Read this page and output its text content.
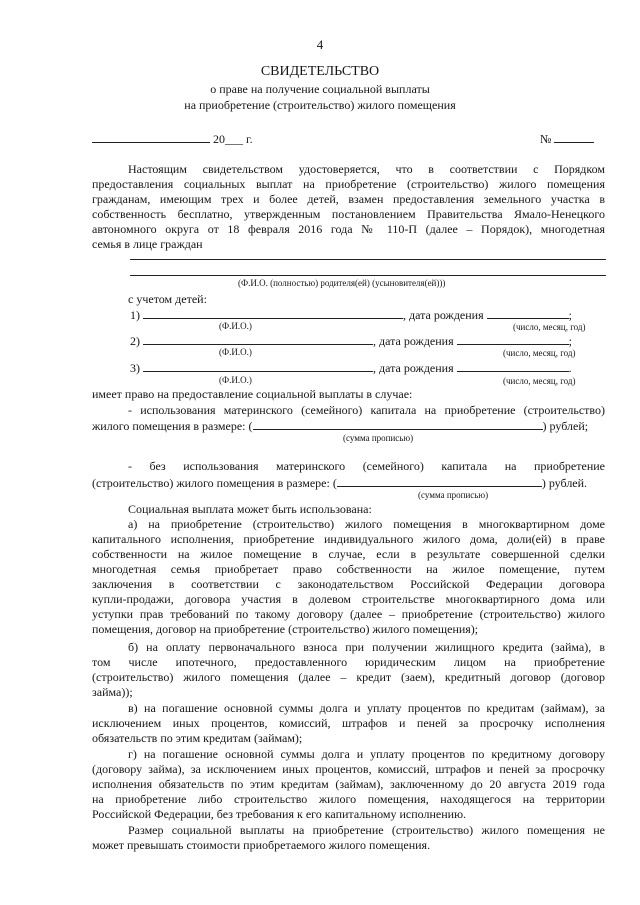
4
СВИДЕТЕЛЬСТВО
о праве на получение социальной выплаты
на приобретение (строительство) жилого помещения
20___ г.	№
Настоящим свидетельством удостоверяется, что в соответствии с Порядком
предоставления социальных выплат на приобретение (строительство) жилого помещения
гражданам, имеющим трех и более детей, взамен предоставления земельного участка в
собственность бесплатно, утвержденным постановлением Правительства Ямало-Ненецкого
автономного округа от 18 февраля 2016 года № 110-П (далее – Порядок), многодетная
семья в лице граждан
(Ф.И.О. (полностью) родителя(ей) (усыновителя(ей)))
с учетом детей:
1)	, дата рождения	;
(Ф.И.О.)	(число, месяц, год)
2)	, дата рождения	;
(Ф.И.О.)	(число, месяц, год)
3)	, дата рождения	.
(Ф.И.О.)	(число, месяц, год)
имеет право на предоставление социальной выплаты в случае:
- использования материнского (семейного) капитала на приобретение (строительство)
жилого помещения в размере: (	) рублей;
(сумма прописью)
- без использования материнского (семейного) капитала на приобретение
(строительство) жилого помещения в размере: (	) рублей.
(сумма прописью)
Социальная выплата может быть использована:
а) на приобретение (строительство) жилого помещения в многоквартирном доме
капитального исполнения, приобретение индивидуального жилого дома, доли(ей) в праве
собственности на жилое помещение в случае, если в результате совершенной сделки
многодетная семья приобретает право собственности на жилое помещение, путем
заключения в соответствии с законодательством Российской Федерации договора
купли-продажи, договора участия в долевом строительстве многоквартирного дома или
уступки прав требований по такому договору (далее – приобретение (строительство) жилого
помещения, договор на приобретение (строительство) жилого помещения);
б) на оплату первоначального взноса при получении жилищного кредита (займа), в
том числе ипотечного, предоставленного юридическим лицом на приобретение
(строительство) жилого помещения (далее – кредит (заем), кредитный договор (договор
займа));
в) на погашение основной суммы долга и уплату процентов по кредитам (займам), за
исключением иных процентов, комиссий, штрафов и пеней за просрочку исполнения
обязательств по этим кредитам (займам);
г) на погашение основной суммы долга и уплату процентов по кредитному договору
(договору займа), за исключением иных процентов, комиссий, штрафов и пеней за просрочку
исполнения обязательств по этим кредитам (займам), заключенному до 20 августа 2019 года
на приобретение либо строительство жилого помещения, находящегося на территории
Российской Федерации, без требования к его капитальному исполнению.
Размер социальной выплаты на приобретение (строительство) жилого помещения не
может превышать стоимости приобретаемого жилого помещения.
